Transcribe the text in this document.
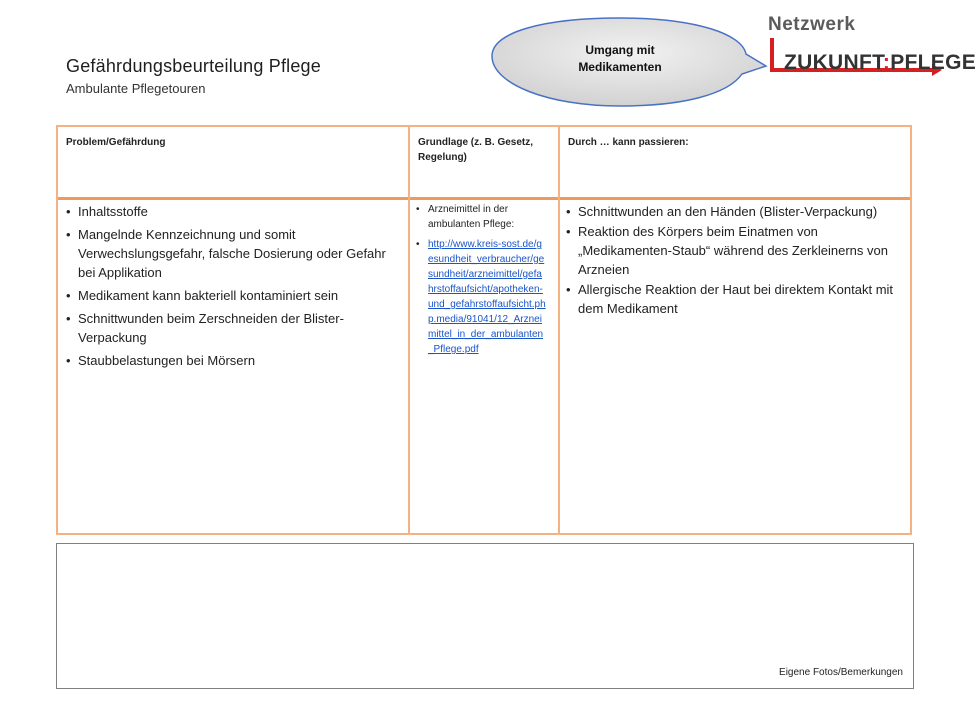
Gefährdungsbeurteilung Pflege
Ambulante Pflegetouren
Umgang mit
Medikamenten
Netzwerk
ZUKUNFT:PFLEGE
Problem/Gefährdung	Grundlage (z. B. Gesetz, Regelung)
Durch … kann passieren:
• Inhaltsstoffe
• Mangelnde Kennzeichnung und somit Verwechslungsgefahr, falsche Dosierung oder Gefahr bei Applikation
• Medikament kann bakteriell kontaminiert sein
• Schnittwunden beim Zerschneiden der Blister-Verpackung
• Staubbelastungen bei Mörsern
• Arzneimittel in der ambulanten Pflege:
• http://www.kreis-sost.de/gesundheit_verbraucher/gesundheit/arzneimittel/gefahrstoffaufsicht/apotheken-und_gefahrstoffaufsicht.php.media/91041/12_Arzneimittel_in_der_ambulanten_Pflege.pdf
• Schnittwunden an den Händen (Blister-Verpackung)
• Reaktion des Körpers beim Einatmen von „Medikamenten-Staub“ während des Zerkleinerns von Arzneien
• Allergische Reaktion der Haut bei direktem Kontakt mit dem Medikament
Eigene Fotos/Bemerkungen
